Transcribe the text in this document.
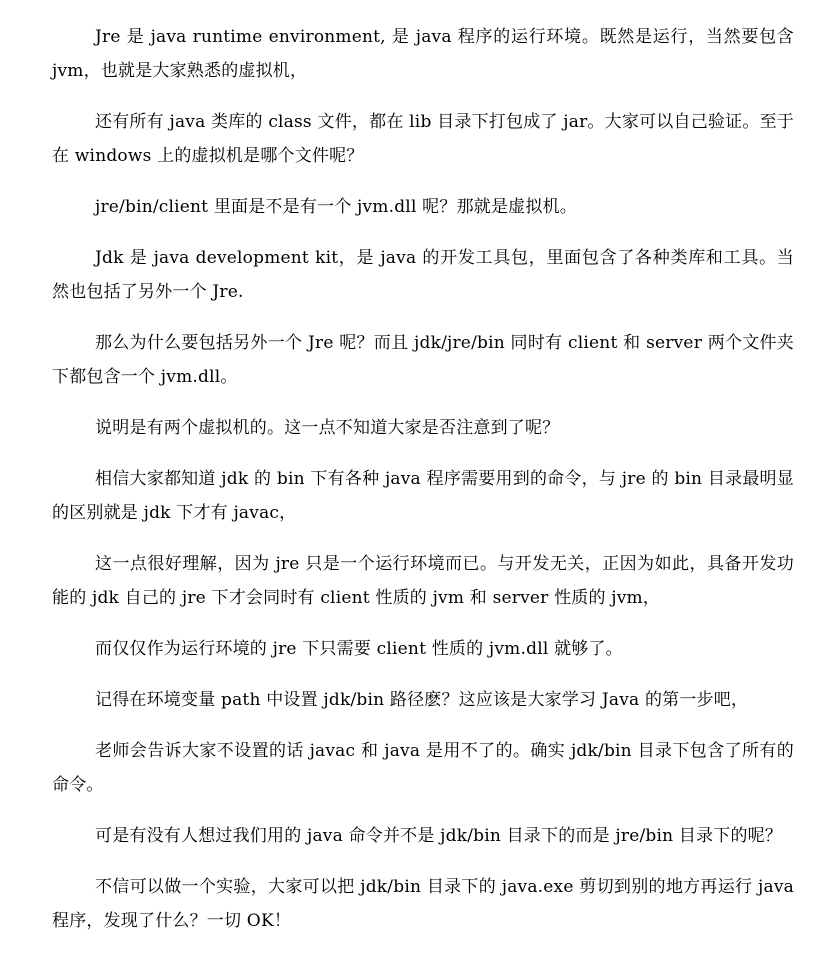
Jre 是 java runtime environment, 是 java 程序的运行环境。既然是运行，当然要包含 jvm，也就是大家熟悉的虚拟机，

还有所有 java 类库的 class 文件，都在 lib 目录下打包成了 jar。大家可以自己验证。至于在 windows 上的虚拟机是哪个文件呢？

jre/bin/client 里面是不是有一个 jvm.dll 呢？那就是虚拟机。

Jdk 是 java development kit，是 java 的开发工具包，里面包含了各种类库和工具。当然也包括了另外一个 Jre.

那么为什么要包括另外一个 Jre 呢？而且 jdk/jre/bin 同时有 client 和 server 两个文件夹下都包含一个 jvm.dll。

说明是有两个虚拟机的。这一点不知道大家是否注意到了呢？

相信大家都知道 jdk 的 bin 下有各种 java 程序需要用到的命令，与 jre 的 bin 目录最明显的区别就是 jdk 下才有 javac，

这一点很好理解，因为 jre 只是一个运行环境而已。与开发无关，正因为如此，具备开发功能的 jdk 自己的 jre 下才会同时有 client 性质的 jvm 和 server 性质的 jvm，

而仅仅作为运行环境的 jre 下只需要 client 性质的 jvm.dll 就够了。

记得在环境变量 path 中设置 jdk/bin 路径麽？这应该是大家学习 Java 的第一步吧，

老师会告诉大家不设置的话 javac 和 java 是用不了的。确实 jdk/bin 目录下包含了所有的命令。

可是有没有人想过我们用的 java 命令并不是 jdk/bin 目录下的而是 jre/bin 目录下的呢？

不信可以做一个实验，大家可以把 jdk/bin 目录下的 java.exe 剪切到别的地方再运行 java 程序，发现了什么？一切 OK！
